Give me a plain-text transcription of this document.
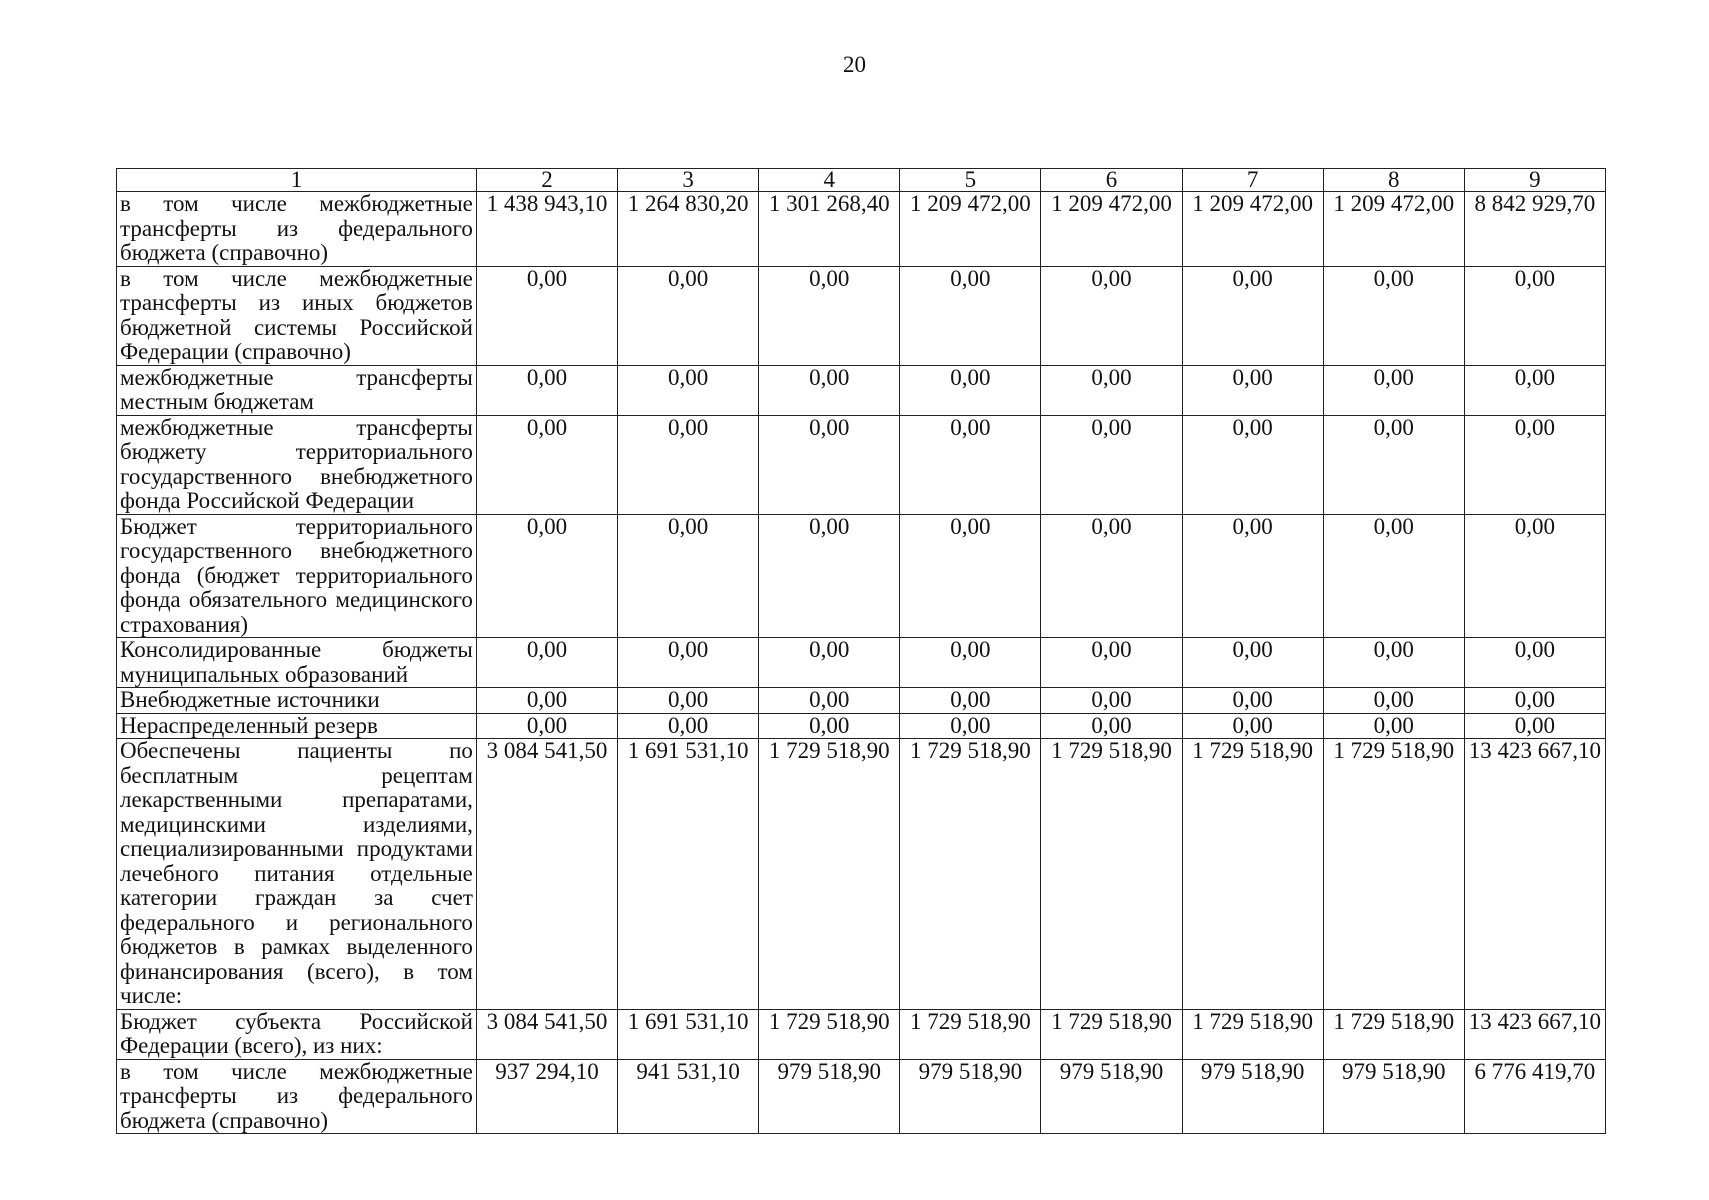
20
1	2	3	4	5	6	7	8	9
в том числе межбюджетные трансферты из федерального бюджета (справочно)	1 438 943,10	1 264 830,20	1 301 268,40	1 209 472,00	1 209 472,00	1 209 472,00	1 209 472,00	8 842 929,70
в том числе межбюджетные трансферты из иных бюджетов бюджетной системы Российской Федерации (справочно)	0,00	0,00	0,00	0,00	0,00	0,00	0,00	0,00
межбюджетные трансферты местным бюджетам	0,00	0,00	0,00	0,00	0,00	0,00	0,00	0,00
межбюджетные трансферты бюджету территориального государственного внебюджетного фонда Российской Федерации	0,00	0,00	0,00	0,00	0,00	0,00	0,00	0,00
Бюджет территориального государственного внебюджетного фонда (бюджет территориального фонда обязательного медицинского страхования)	0,00	0,00	0,00	0,00	0,00	0,00	0,00	0,00
Консолидированные бюджеты муниципальных образований	0,00	0,00	0,00	0,00	0,00	0,00	0,00	0,00
Внебюджетные источники	0,00	0,00	0,00	0,00	0,00	0,00	0,00	0,00
Нераспределенный резерв	0,00	0,00	0,00	0,00	0,00	0,00	0,00	0,00
Обеспечены пациенты по бесплатным рецептам лекарственными препаратами, медицинскими изделиями, специализированными продуктами лечебного питания отдельные категории граждан за счет федерального и регионального бюджетов в рамках выделенного финансирования (всего), в том числе:	3 084 541,50	1 691 531,10	1 729 518,90	1 729 518,90	1 729 518,90	1 729 518,90	1 729 518,90	13 423 667,10
Бюджет субъекта Российской Федерации (всего), из них:	3 084 541,50	1 691 531,10	1 729 518,90	1 729 518,90	1 729 518,90	1 729 518,90	1 729 518,90	13 423 667,10
в том числе межбюджетные трансферты из федерального бюджета (справочно)	937 294,10	941 531,10	979 518,90	979 518,90	979 518,90	979 518,90	979 518,90	6 776 419,70
